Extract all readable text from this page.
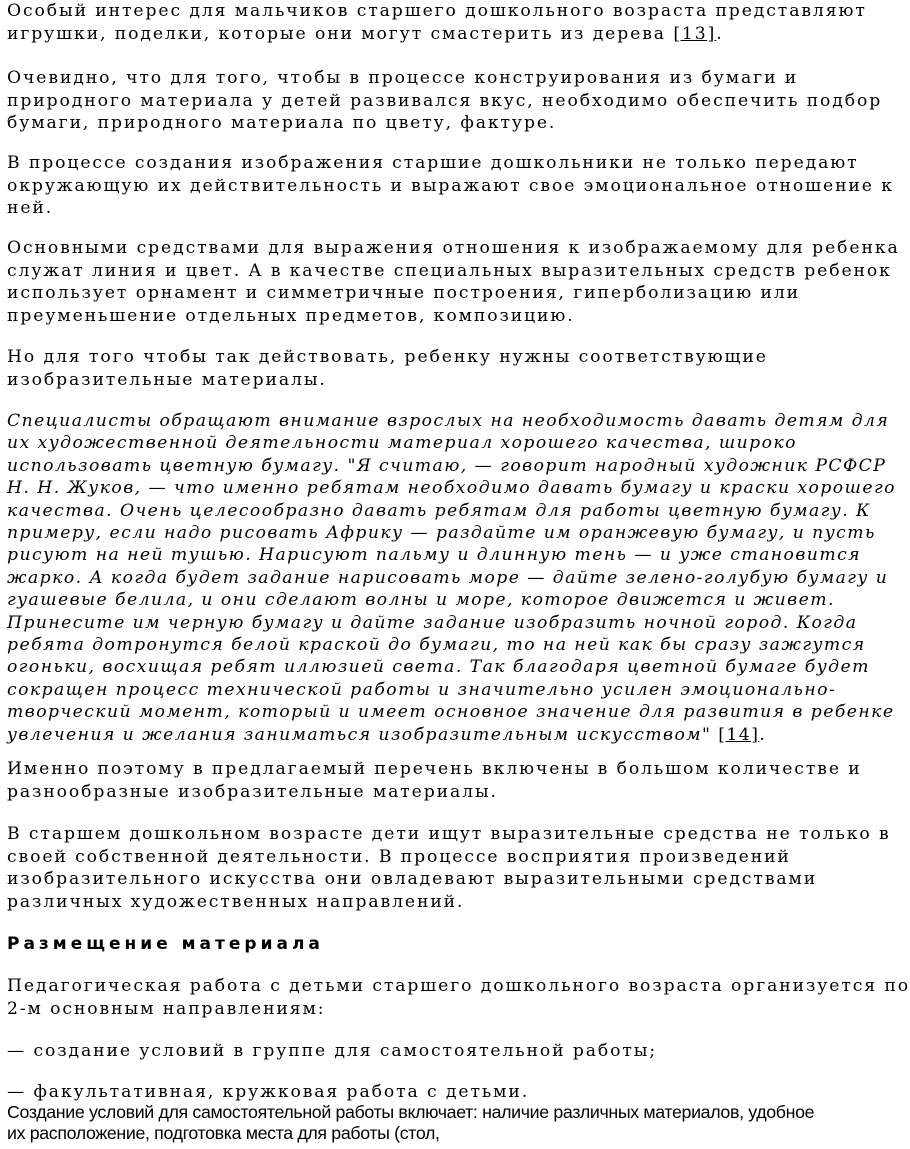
Особый интерес для мальчиков старшего дошкольного возраста представляют
игрушки, поделки, которые они могут смастерить из дерева [13].
Очевидно, что для того, чтобы в процессе конструирования из бумаги и
природного материала у детей развивался вкус, необходимо обеспечить подбор
бумаги, природного материала по цвету, фактуре.
В процессе создания изображения старшие дошкольники не только передают
окружающую их действительность и выражают свое эмоциональное отношение к
ней.
Основными средствами для выражения отношения к изображаемому для ребенка
служат линия и цвет. А в качестве специальных выразительных средств ребенок
использует орнамент и симметричные построения, гиперболизацию или
преуменьшение отдельных предметов, композицию.
Но для того чтобы так действовать, ребенку нужны соответствующие
изобразительные материалы.
Специалисты обращают внимание взрослых на необходимость давать детям для
их художественной деятельности материал хорошего качества, широко
использовать цветную бумагу. "Я считаю, — говорит народный художник РСФСР
Н. Н. Жуков, — что именно ребятам необходимо давать бумагу и краски хорошего
качества. Очень целесообразно давать ребятам для работы цветную бумагу. К
примеру, если надо рисовать Африку — раздайте им оранжевую бумагу, и пусть
рисуют на ней тушью. Нарисуют пальму и длинную тень — и уже становится
жарко. А когда будет задание нарисовать море — дайте зелено-голубую бумагу и
гуашевые белила, и они сделают волны и море, которое движется и живет.
Принесите им черную бумагу и дайте задание изобразить ночной город. Когда
ребята дотронутся белой краской до бумаги, то на ней как бы сразу зажгутся
огоньки, восхищая ребят иллюзией света. Так благодаря цветной бумаге будет
сокращен процесс технической работы и значительно усилен эмоционально-
творческий момент, который и имеет основное значение для развития в ребенке
увлечения и желания заниматься изобразительным искусством" [14].
Именно поэтому в предлагаемый перечень включены в большом количестве и
разнообразные изобразительные материалы.
В старшем дошкольном возрасте дети ищут выразительные средства не только в
своей собственной деятельности. В процессе восприятия произведений
изобразительного искусства они овладевают выразительными средствами
различных художественных направлений.
Размещение материала
Педагогическая работа с детьми старшего дошкольного возраста организуется по
2-м основным направлениям:
— создание условий в группе для самостоятельной работы;
— факультативная, кружковая работа с детьми.
Создание условий для самостоятельной работы включает: наличие различных материалов, удобное
их расположение, подготовка места для работы (стол,
